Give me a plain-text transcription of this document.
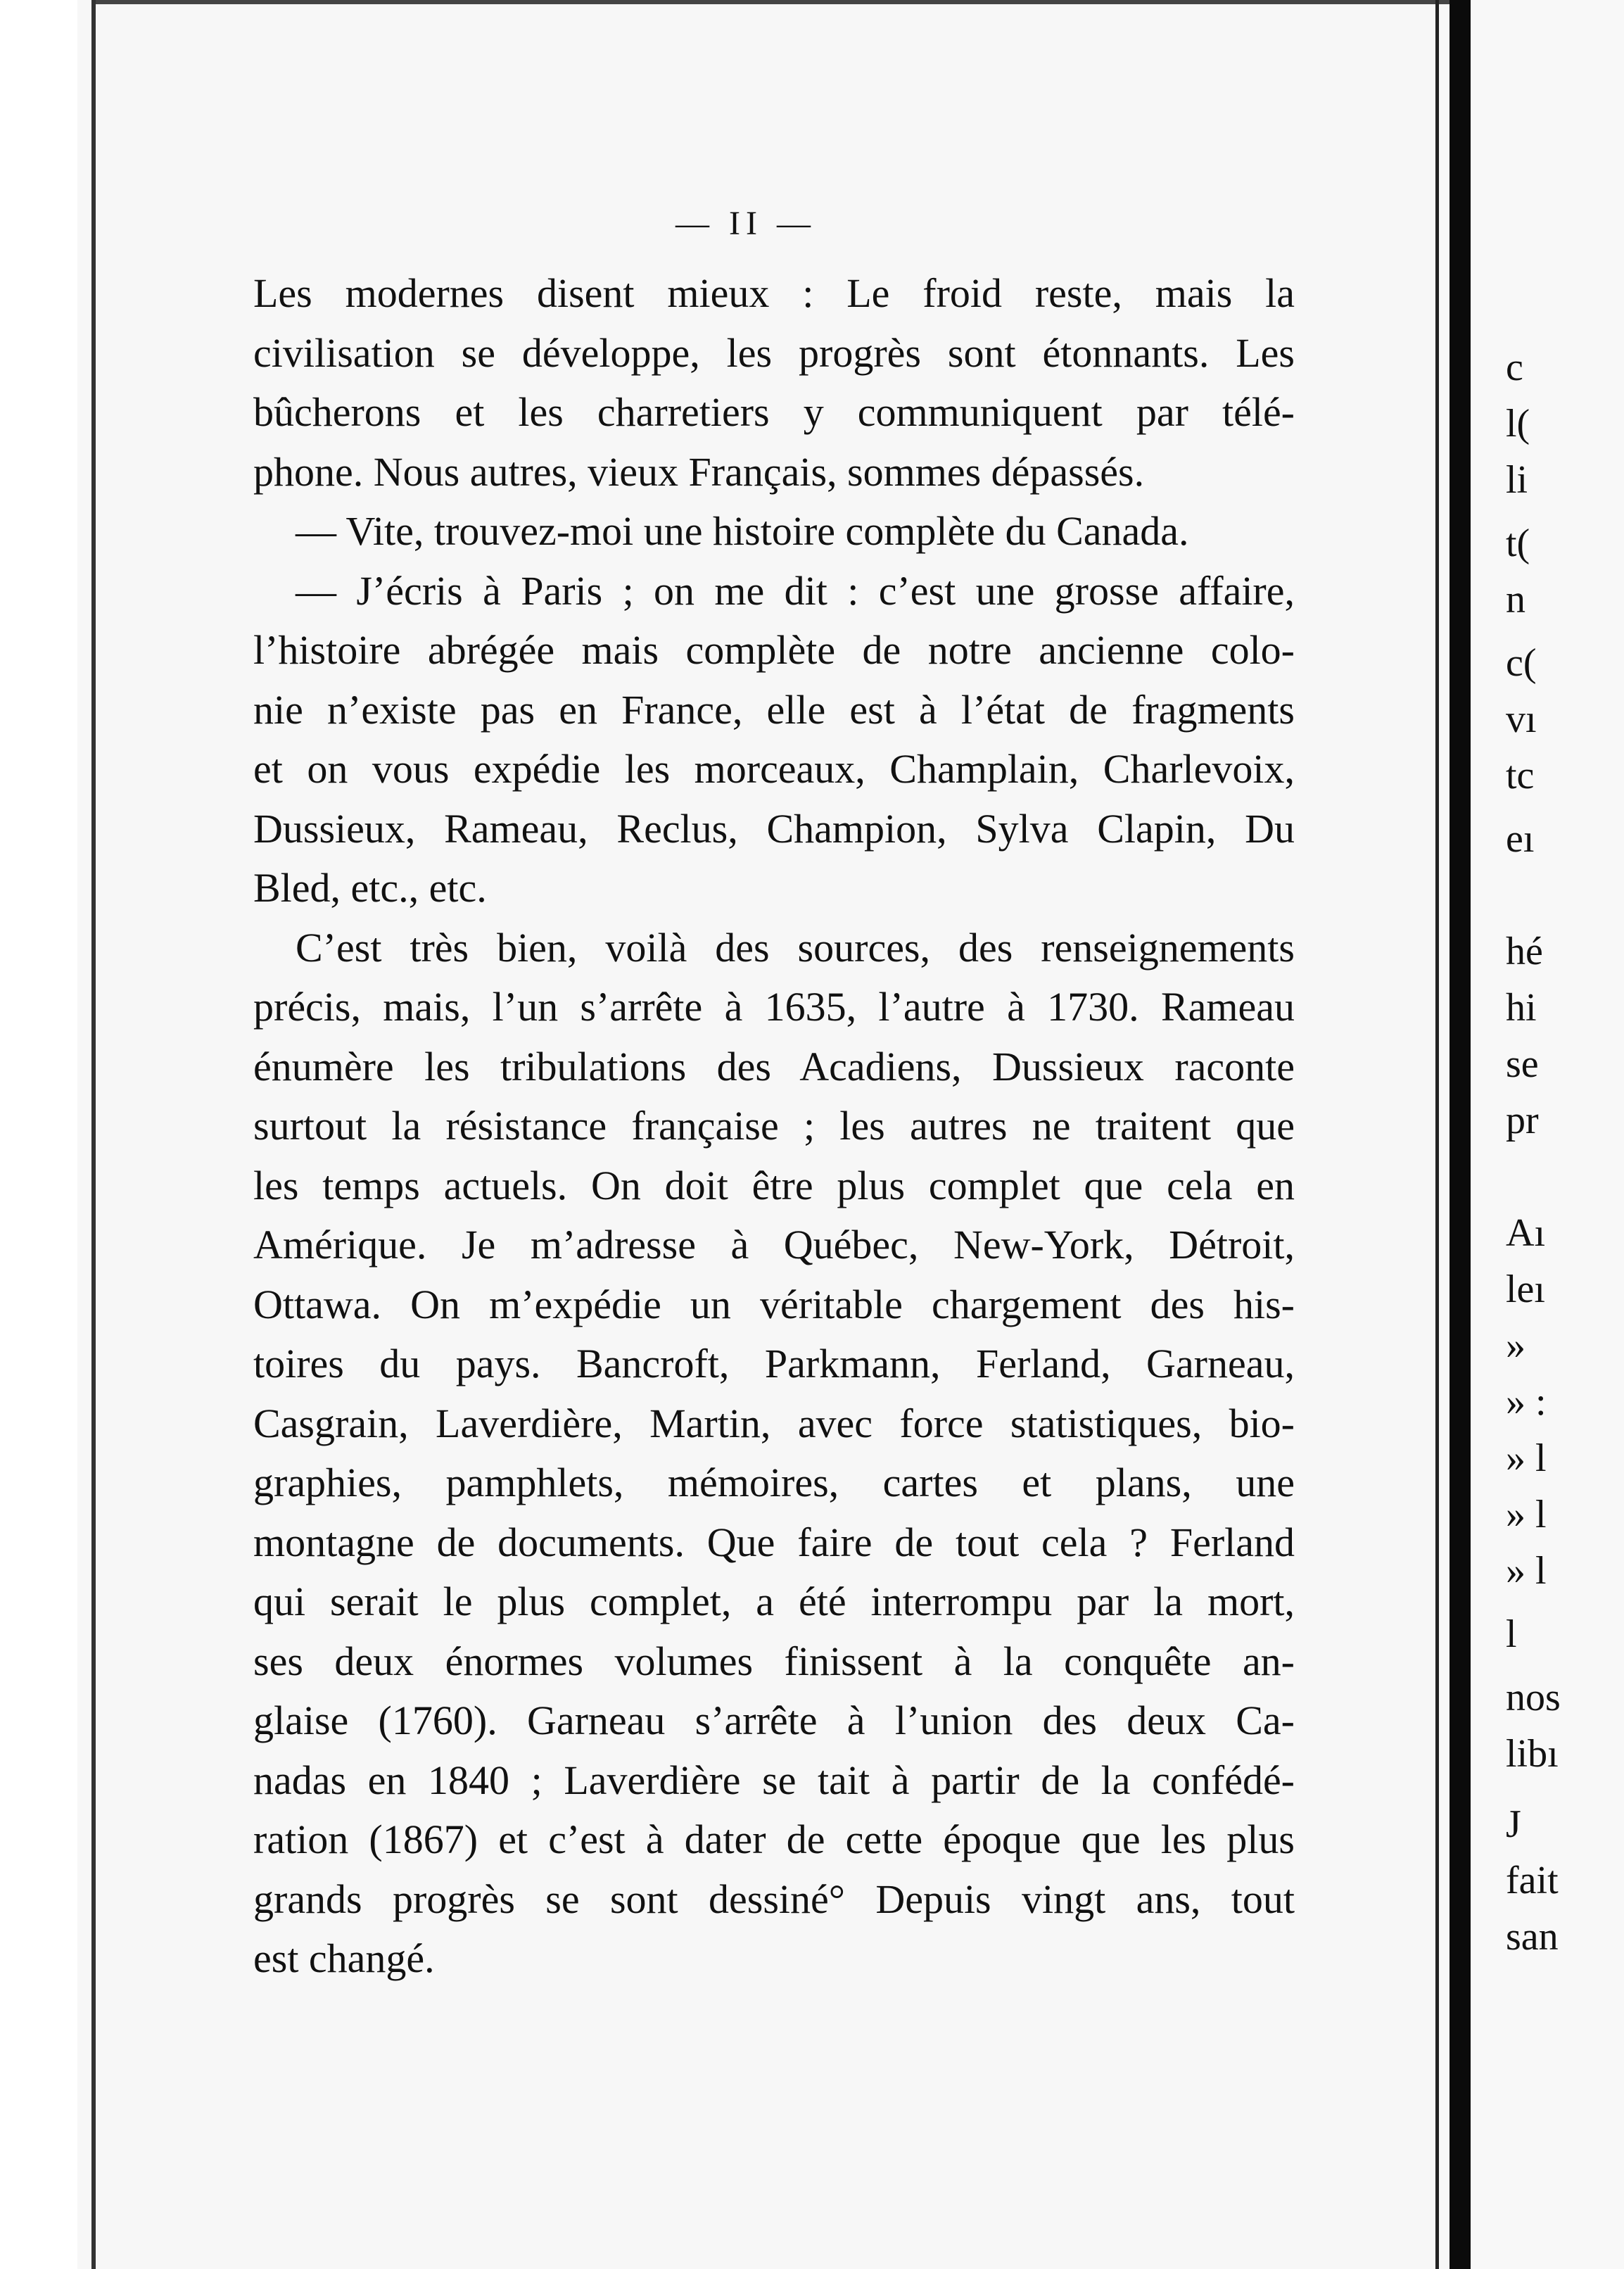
— II —
Les modernes disent mieux : Le froid reste, mais la
civilisation se développe, les progrès sont étonnants. Les
bûcherons et les charretiers y communiquent par télé-
phone. Nous autres, vieux Français, sommes dépassés.
— Vite, trouvez-moi une histoire complète du Canada.
— J’écris à Paris ; on me dit : c’est une grosse affaire,
l’histoire abrégée mais complète de notre ancienne colo-
nie n’existe pas en France, elle est à l’état de fragments
et on vous expédie les morceaux, Champlain, Charlevoix,
Dussieux, Rameau, Reclus, Champion, Sylva Clapin, Du
Bled, etc., etc.
C’est très bien, voilà des sources, des renseignements
précis, mais, l’un s’arrête à 1635, l’autre à 1730. Rameau
énumère les tribulations des Acadiens, Dussieux raconte
surtout la résistance française ; les autres ne traitent que
les temps actuels. On doit être plus complet que cela en
Amérique. Je m’adresse à Québec, New-York, Détroit,
Ottawa. On m’expédie un véritable chargement des his-
toires du pays. Bancroft, Parkmann, Ferland, Garneau,
Casgrain, Laverdière, Martin, avec force statistiques, bio-
graphies, pamphlets, mémoires, cartes et plans, une
montagne de documents. Que faire de tout cela ? Ferland
qui serait le plus complet, a été interrompu par la mort,
ses deux énormes volumes finissent à la conquête an-
glaise (1760). Garneau s’arrête à l’union des deux Ca-
nadas en 1840 ; Laverdière se tait à partir de la confédé-
ration (1867) et c’est à dater de cette époque que les plus
grands progrès se sont dessiné° Depuis vingt ans, tout
est changé.
c
l(
li
t(
n
c(
vı
tc
eı
hé
hi
se
pr
Aı
leı
»
» :
» l
» l
» l
l
nos
libı
J
fait
san
